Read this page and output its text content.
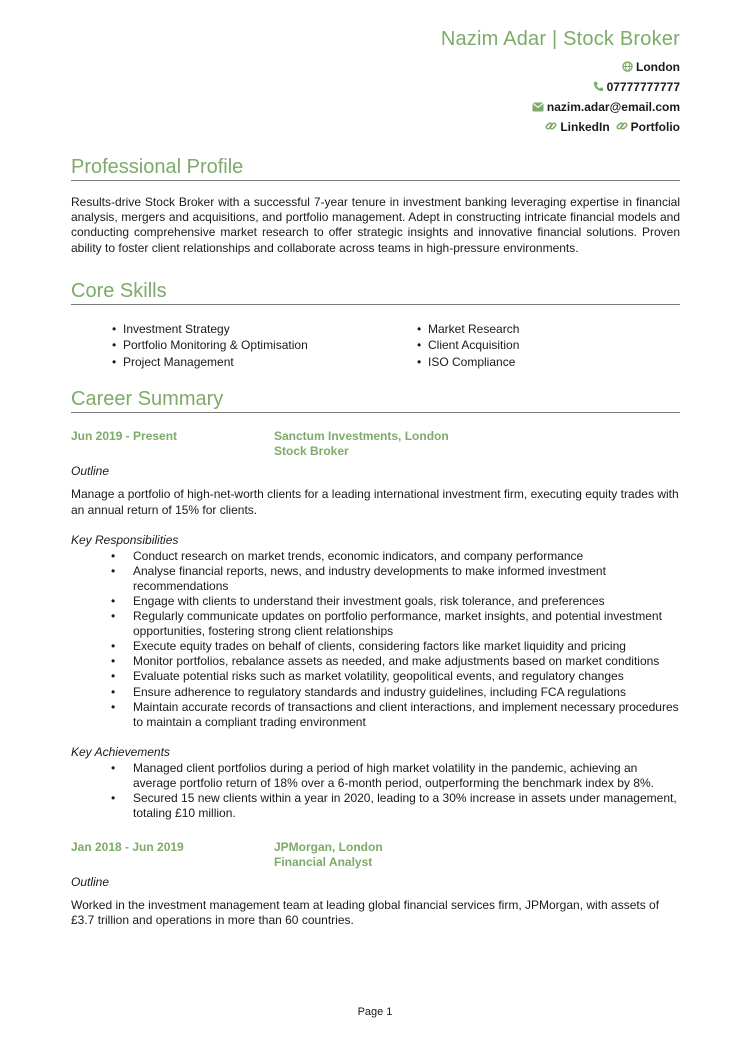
Nazim Adar | Stock Broker
London
07777777777
nazim.adar@email.com
LinkedIn Portfolio
Professional Profile

Results-drive Stock Broker with a successful 7-year tenure in investment banking leveraging expertise in financial analysis, mergers and acquisitions, and portfolio management. Adept in constructing intricate financial models and conducting comprehensive market research to offer strategic insights and innovative financial solutions. Proven ability to foster client relationships and collaborate across teams in high-pressure environments.

Core Skills
• Investment Strategy
• Portfolio Monitoring & Optimisation
• Project Management
• Market Research
• Client Acquisition
• ISO Compliance
Career Summary
Jun 2019 - Present	Sanctum Investments, London
Stock Broker
Outline

Manage a portfolio of high-net-worth clients for a leading international investment firm, executing equity trades with an annual return of 15% for clients.

Key Responsibilities
• Conduct research on market trends, economic indicators, and company performance
• Analyse financial reports, news, and industry developments to make informed investment recommendations
• Engage with clients to understand their investment goals, risk tolerance, and preferences
• Regularly communicate updates on portfolio performance, market insights, and potential investment opportunities, fostering strong client relationships
• Execute equity trades on behalf of clients, considering factors like market liquidity and pricing
• Monitor portfolios, rebalance assets as needed, and make adjustments based on market conditions
• Evaluate potential risks such as market volatility, geopolitical events, and regulatory changes
• Ensure adherence to regulatory standards and industry guidelines, including FCA regulations
• Maintain accurate records of transactions and client interactions, and implement necessary procedures to maintain a compliant trading environment
Key Achievements
• Managed client portfolios during a period of high market volatility in the pandemic, achieving an average portfolio return of 18% over a 6-month period, outperforming the benchmark index by 8%.
• Secured 15 new clients within a year in 2020, leading to a 30% increase in assets under management, totaling £10 million.
Jan 2018 - Jun 2019	JPMorgan, London
Financial Analyst
Outline

Worked in the investment management team at leading global financial services firm, JPMorgan, with assets of £3.7 trillion and operations in more than 60 countries.

Page 1
